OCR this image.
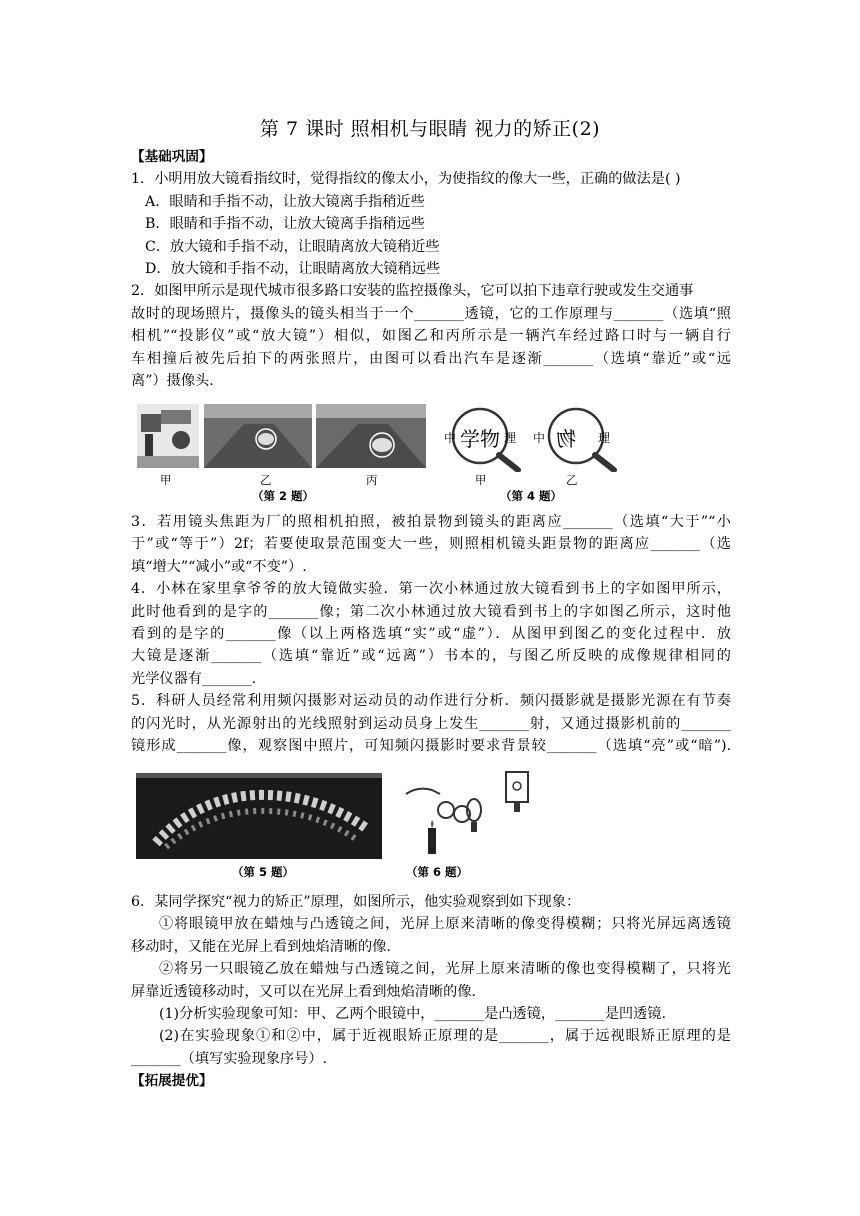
第 7 课时 照相机与眼睛 视力的矫正(2)
【基础巩固】
1．小明用放大镜看指纹时，觉得指纹的像太小，为使指纹的像大一些，正确的做法是( )
A．眼睛和手指不动，让放大镜离手指稍近些
B．眼睛和手指不动，让放大镜离手指稍远些
C．放大镜和手指不动，让眼睛离放大镜稍近些
D．放大镜和手指不动，让眼睛离放大镜稍远些
2．如图甲所示是现代城市很多路口安装的监控摄像头，它可以拍下违章行驶或发生交通事
故时的现场照片，摄像头的镜头相当于一个_______透镜，它的工作原理与_______（选填“照
相机”“投影仪”或“放大镜”）相似，如图乙和丙所示是一辆汽车经过路口时与一辆自行
车相撞后被先后拍下的两张照片，由图可以看出汽车是逐渐_______（选填“靠近”或“远
离”）摄像头.
甲	乙	丙
（第 2 题）
中 学物 理 中 物 理
甲	乙
（第 4 题）
3．若用镜头焦距为厂的照相机拍照，被拍景物到镜头的距离应_______（选填“大于”“小
于”或“等于”）2f；若要使取景范围变大一些，则照相机镜头距景物的距离应_______（选
填“增大”“减小”或“不变”）.
4．小林在家里拿爷爷的放大镜做实验．第一次小林通过放大镜看到书上的字如图甲所示，
此时他看到的是字的_______像；第二次小林通过放大镜看到书上的字如图乙所示，这时他
看到的是字的_______像（以上两格选填“实”或“虚”）．从图甲到图乙的变化过程中．放
大镜是逐渐_______（选填“靠近”或“远离”）书本的，与图乙所反映的成像规律相同的
光学仪器有_______.
5．科研人员经常利用频闪摄影对运动员的动作进行分析．频闪摄影就是摄影光源在有节奏
的闪光时，从光源射出的光线照射到运动员身上发生_______射，又通过摄影机前的_______
镜形成_______像，观察图中照片，可知频闪摄影时要求背景较_______（选填“亮”或“暗”).
（第 5 题）	（第 6 题）
6．某同学探究“视力的矫正”原理，如图所示，他实验观察到如下现象：
①将眼镜甲放在蜡烛与凸透镜之间，光屏上原来清晰的像变得模糊；只将光屏远离透镜
移动时，又能在光屏上看到烛焰清晰的像.
②将另一只眼镜乙放在蜡烛与凸透镜之间，光屏上原来清晰的像也变得模糊了，只将光
屏靠近透镜移动时，又可以在光屏上看到烛焰清晰的像.
(1)分析实验现象可知：甲、乙两个眼镜中，_______是凸透镜，_______是凹透镜.
(2)在实验现象①和②中，属于近视眼矫正原理的是_______，属于远视眼矫正原理的是
_______（填写实验现象序号）.
【拓展提优】
